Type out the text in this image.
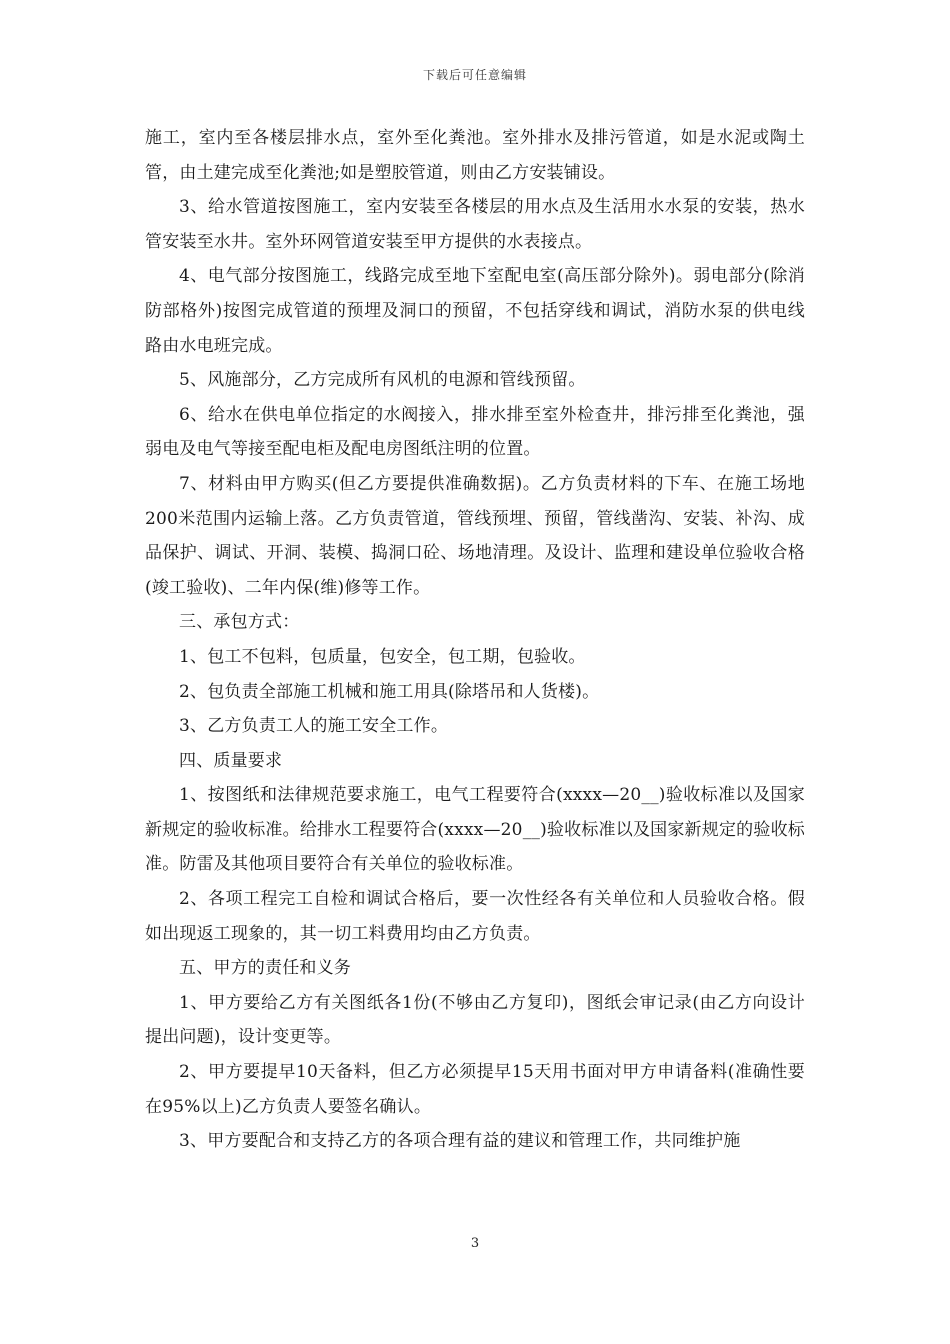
下载后可任意编辑

施工，室内至各楼层排水点，室外至化粪池。室外排水及排污管道，如是水泥或陶土管，由土建完成至化粪池;如是塑胶管道，则由乙方安装铺设。

3、给水管道按图施工，室内安装至各楼层的用水点及生活用水水泵的安装，热水管安装至水井。室外环网管道安装至甲方提供的水表接点。

4、电气部分按图施工，线路完成至地下室配电室(高压部分除外)。弱电部分(除消防部格外)按图完成管道的预埋及洞口的预留，不包括穿线和调试，消防水泵的供电线路由水电班完成。

5、风施部分，乙方完成所有风机的电源和管线预留。

6、给水在供电单位指定的水阀接入，排水排至室外检查井，排污排至化粪池，强弱电及电气等接至配电柜及配电房图纸注明的位置。

7、材料由甲方购买(但乙方要提供准确数据)。乙方负责材料的下车、在施工场地200米范围内运输上落。乙方负责管道，管线预埋、预留，管线凿沟、安装、补沟、成品保护、调试、开洞、装模、捣洞口砼、场地清理。及设计、监理和建设单位验收合格(竣工验收)、二年内保(维)修等工作。

三、承包方式：

1、包工不包料，包质量，包安全，包工期，包验收。

2、包负责全部施工机械和施工用具(除塔吊和人货楼)。

3、乙方负责工人的施工安全工作。

四、质量要求

1、按图纸和法律规范要求施工，电气工程要符合(xxxx—20__)验收标准以及国家新规定的验收标准。给排水工程要符合(xxxx—20__)验收标准以及国家新规定的验收标准。防雷及其他项目要符合有关单位的验收标准。

2、各项工程完工自检和调试合格后，要一次性经各有关单位和人员验收合格。假如出现返工现象的，其一切工料费用均由乙方负责。

五、甲方的责任和义务

1、甲方要给乙方有关图纸各1份(不够由乙方复印)，图纸会审记录(由乙方向设计提出问题)，设计变更等。

2、甲方要提早10天备料，但乙方必须提早15天用书面对甲方申请备料(准确性要在95%以上)乙方负责人要签名确认。

3、甲方要配合和支持乙方的各项合理有益的建议和管理工作，共同维护施

3
